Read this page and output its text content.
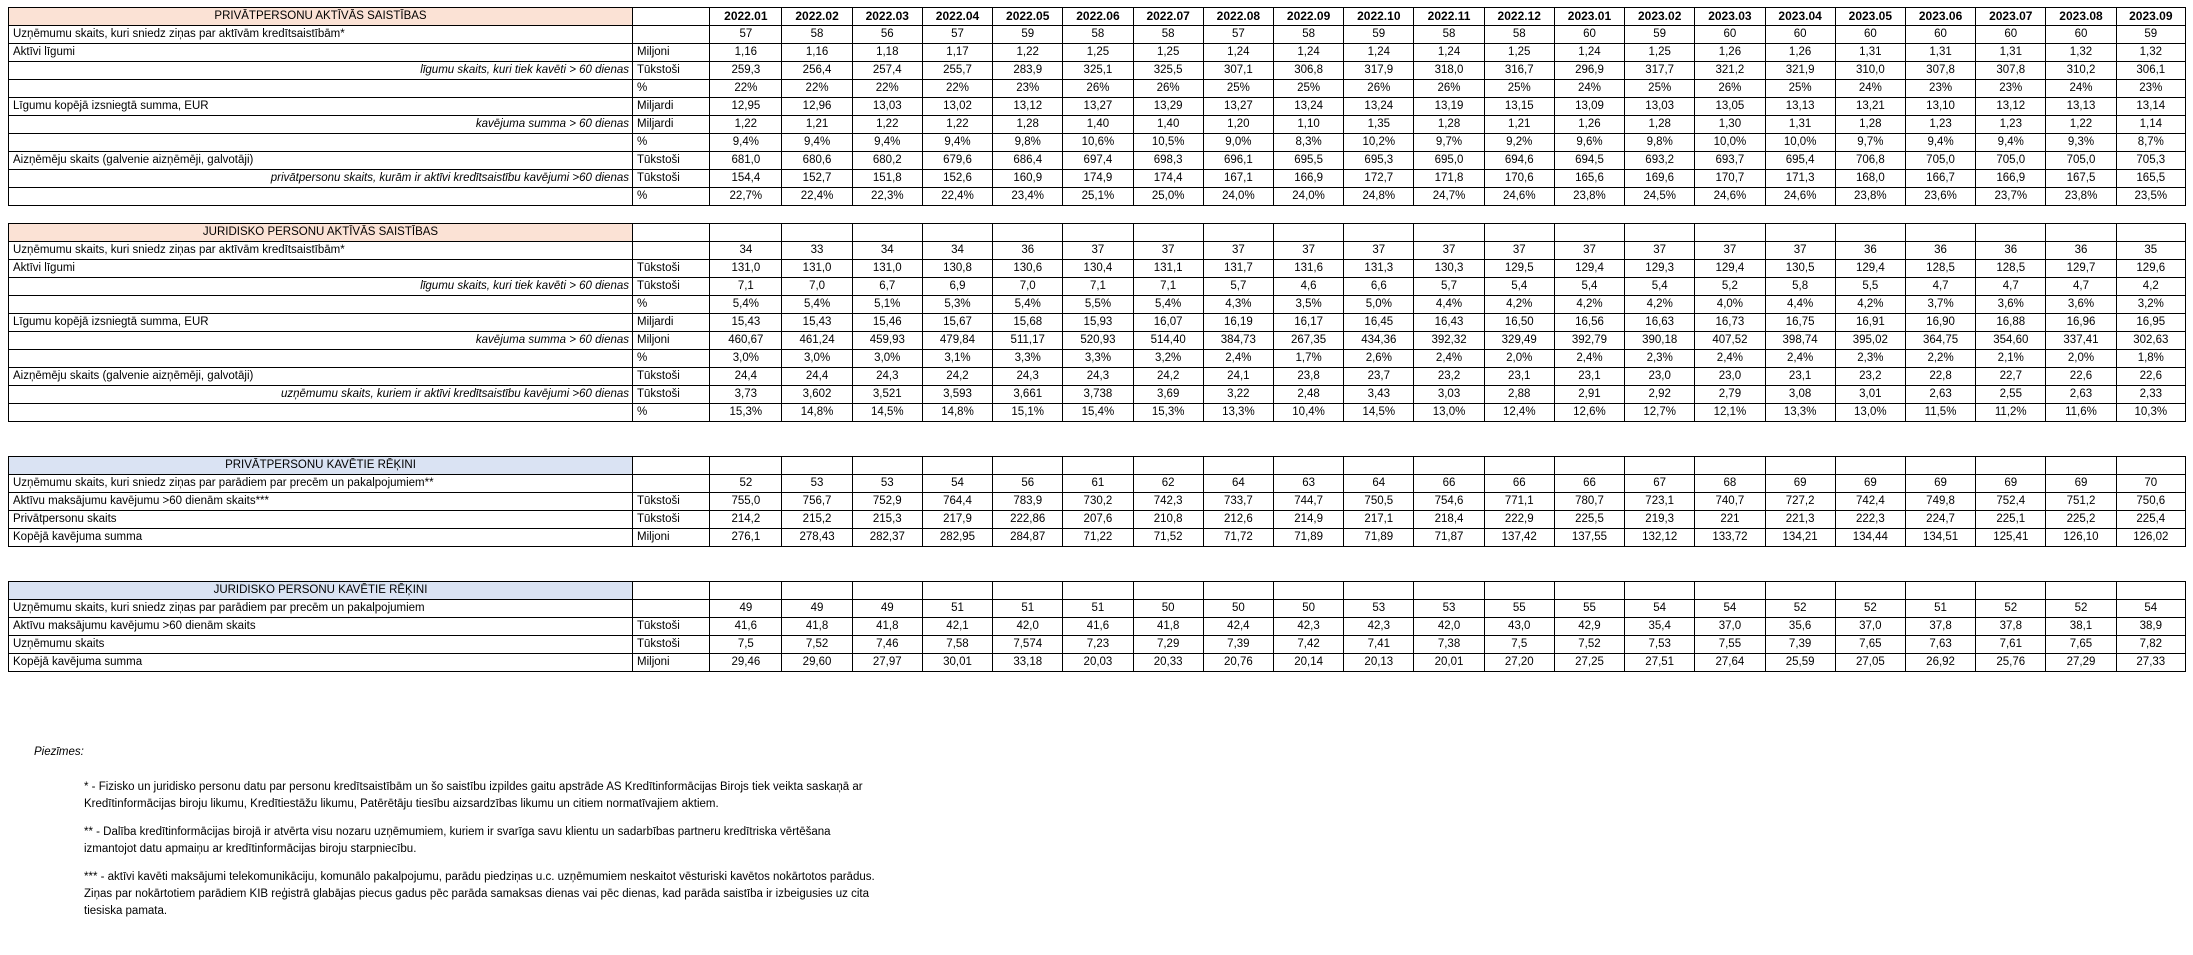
PRIVĀTPERSONU AKTĪVĀS SAISTĪBAS		2022.01	2022.02	2022.03	2022.04	2022.05	2022.06	2022.07	2022.08	2022.09	2022.10	2022.11	2022.12	2023.01	2023.02	2023.03	2023.04	2023.05	2023.06	2023.07	2023.08	2023.09
Uzņēmumu skaits, kuri sniedz ziņas par aktīvām kredītsaistībām*		57	58	56	57	59	58	58	57	58	59	58	58	60	59	60	60	60	60	60	60	59
Aktīvi līgumi	Miljoni	1,16	1,16	1,18	1,17	1,22	1,25	1,25	1,24	1,24	1,24	1,24	1,25	1,24	1,25	1,26	1,26	1,31	1,31	1,31	1,32	1,32
līgumu skaits, kuri tiek kavēti > 60 dienas	Tūkstoši	259,3	256,4	257,4	255,7	283,9	325,1	325,5	307,1	306,8	317,9	318,0	316,7	296,9	317,7	321,2	321,9	310,0	307,8	307,8	310,2	306,1
	%	22%	22%	22%	22%	23%	26%	26%	25%	25%	26%	26%	25%	24%	25%	26%	25%	24%	23%	23%	24%	23%
Līgumu kopējā izsniegtā summa, EUR	Miljardi	12,95	12,96	13,03	13,02	13,12	13,27	13,29	13,27	13,24	13,24	13,19	13,15	13,09	13,03	13,05	13,13	13,21	13,10	13,12	13,13	13,14
kavējuma summa > 60 dienas	Miljardi	1,22	1,21	1,22	1,22	1,28	1,40	1,40	1,20	1,10	1,35	1,28	1,21	1,26	1,28	1,30	1,31	1,28	1,23	1,23	1,22	1,14
	%	9,4%	9,4%	9,4%	9,4%	9,8%	10,6%	10,5%	9,0%	8,3%	10,2%	9,7%	9,2%	9,6%	9,8%	10,0%	10,0%	9,7%	9,4%	9,4%	9,3%	8,7%
Aizņēmēju skaits (galvenie aizņēmēji, galvotāji)	Tūkstoši	681,0	680,6	680,2	679,6	686,4	697,4	698,3	696,1	695,5	695,3	695,0	694,6	694,5	693,2	693,7	695,4	706,8	705,0	705,0	705,0	705,3
privātpersonu skaits, kurām ir aktīvi kredītsaistību kavējumi >60 dienas	Tūkstoši	154,4	152,7	151,8	152,6	160,9	174,9	174,4	167,1	166,9	172,7	171,8	170,6	165,6	169,6	170,7	171,3	168,0	166,7	166,9	167,5	165,5
	%	22,7%	22,4%	22,3%	22,4%	23,4%	25,1%	25,0%	24,0%	24,0%	24,8%	24,7%	24,6%	23,8%	24,5%	24,6%	24,6%	23,8%	23,6%	23,7%	23,8%	23,5%

JURIDISKO PERSONU AKTĪVĀS SAISTĪBAS																						
Uzņēmumu skaits, kuri sniedz ziņas par aktīvām kredītsaistībām*		34	33	34	34	36	37	37	37	37	37	37	37	37	37	37	37	36	36	36	36	35
Aktīvi līgumi	Tūkstoši	131,0	131,0	131,0	130,8	130,6	130,4	131,1	131,7	131,6	131,3	130,3	129,5	129,4	129,3	129,4	130,5	129,4	128,5	128,5	129,7	129,6
līgumu skaits, kuri tiek kavēti > 60 dienas	Tūkstoši	7,1	7,0	6,7	6,9	7,0	7,1	7,1	5,7	4,6	6,6	5,7	5,4	5,4	5,4	5,2	5,8	5,5	4,7	4,7	4,7	4,2
	%	5,4%	5,4%	5,1%	5,3%	5,4%	5,5%	5,4%	4,3%	3,5%	5,0%	4,4%	4,2%	4,2%	4,2%	4,0%	4,4%	4,2%	3,7%	3,6%	3,6%	3,2%
Līgumu kopējā izsniegtā summa, EUR	Miljardi	15,43	15,43	15,46	15,67	15,68	15,93	16,07	16,19	16,17	16,45	16,43	16,50	16,56	16,63	16,73	16,75	16,91	16,90	16,88	16,96	16,95
kavējuma summa > 60 dienas	Miljoni	460,67	461,24	459,93	479,84	511,17	520,93	514,40	384,73	267,35	434,36	392,32	329,49	392,79	390,18	407,52	398,74	395,02	364,75	354,60	337,41	302,63
	%	3,0%	3,0%	3,0%	3,1%	3,3%	3,3%	3,2%	2,4%	1,7%	2,6%	2,4%	2,0%	2,4%	2,3%	2,4%	2,4%	2,3%	2,2%	2,1%	2,0%	1,8%
Aizņēmēju skaits (galvenie aizņēmēji, galvotāji)	Tūkstoši	24,4	24,4	24,3	24,2	24,3	24,3	24,2	24,1	23,8	23,7	23,2	23,1	23,1	23,0	23,0	23,1	23,2	22,8	22,7	22,6	22,6
uzņēmumu skaits, kuriem ir aktīvi kredītsaistību kavējumi >60 dienas	Tūkstoši	3,73	3,602	3,521	3,593	3,661	3,738	3,69	3,22	2,48	3,43	3,03	2,88	2,91	2,92	2,79	3,08	3,01	2,63	2,55	2,63	2,33
	%	15,3%	14,8%	14,5%	14,8%	15,1%	15,4%	15,3%	13,3%	10,4%	14,5%	13,0%	12,4%	12,6%	12,7%	12,1%	13,3%	13,0%	11,5%	11,2%	11,6%	10,3%

PRIVĀTPERSONU KAVĒTIE RĒĶINI																						
Uzņēmumu skaits, kuri sniedz ziņas par parādiem par precēm un pakalpojumiem**		52	53	53	54	56	61	62	64	63	64	66	66	66	67	68	69	69	69	69	69	70
Aktīvu maksājumu kavējumu >60 dienām skaits***	Tūkstoši	755,0	756,7	752,9	764,4	783,9	730,2	742,3	733,7	744,7	750,5	754,6	771,1	780,7	723,1	740,7	727,2	742,4	749,8	752,4	751,2	750,6
Privātpersonu skaits	Tūkstoši	214,2	215,2	215,3	217,9	222,86	207,6	210,8	212,6	214,9	217,1	218,4	222,9	225,5	219,3	221	221,3	222,3	224,7	225,1	225,2	225,4
Kopējā kavējuma summa	Miljoni	276,1	278,43	282,37	282,95	284,87	71,22	71,52	71,72	71,89	71,89	71,87	137,42	137,55	132,12	133,72	134,21	134,44	134,51	125,41	126,10	126,02

JURIDISKO PERSONU KAVĒTIE RĒĶINI																						
Uzņēmumu skaits, kuri sniedz ziņas par parādiem par precēm un pakalpojumiem		49	49	49	51	51	51	50	50	50	53	53	55	55	54	54	52	52	51	52	52	54
Aktīvu maksājumu kavējumu >60 dienām skaits	Tūkstoši	41,6	41,8	41,8	42,1	42,0	41,6	41,8	42,4	42,3	42,3	42,0	43,0	42,9	35,4	37,0	35,6	37,0	37,8	37,8	38,1	38,9
Uzņēmumu skaits	Tūkstoši	7,5	7,52	7,46	7,58	7,574	7,23	7,29	7,39	7,42	7,41	7,38	7,5	7,52	7,53	7,55	7,39	7,65	7,63	7,61	7,65	7,82
Kopējā kavējuma summa	Miljoni	29,46	29,60	27,97	30,01	33,18	20,03	20,33	20,76	20,14	20,13	20,01	27,20	27,25	27,51	27,64	25,59	27,05	26,92	25,76	27,29	27,33
Piezīmes:

* - Fizisko un juridisko personu datu par personu kredītsaistībām un šo saistību izpildes gaitu apstrāde AS Kredītinformācijas Birojs tiek veikta saskaņā ar
Kredītinformācijas biroju likumu, Kredītiestāžu likumu, Patērētāju tiesību aizsardzības likumu un citiem normatīvajiem aktiem.

** - Dalība kredītinformācijas birojā ir atvērta visu nozaru uzņēmumiem, kuriem ir svarīga savu klientu un sadarbības partneru kredītriska vērtēšana
izmantojot datu apmaiņu ar kredītinformācijas biroju starpniecību.

*** - aktīvi kavēti maksājumi telekomunikāciju, komunālo pakalpojumu, parādu piedziņas u.c. uzņēmumiem neskaitot vēsturiski kavētos nokārtotos parādus.
Ziņas par nokārtotiem parādiem KIB reģistrā glabājas piecus gadus pēc parāda samaksas dienas vai pēc dienas, kad parāda saistība ir izbeigusies uz cita
tiesiska pamata.
